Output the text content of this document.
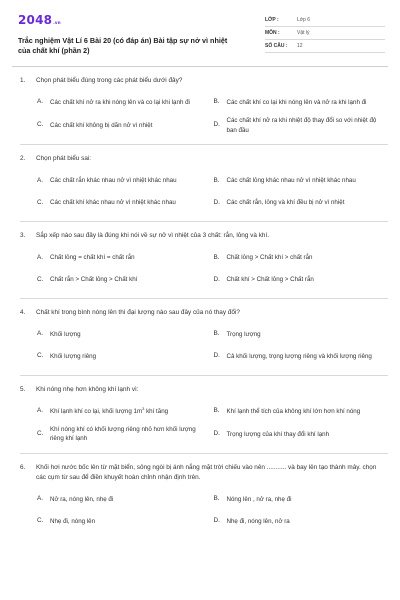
2048 .vn
Trắc nghiệm Vật Lí 6 Bài 20 (có đáp án) Bài tập sự nở vì nhiệt của chất khí (phần 2)
LỚP :	Lớp 6
MÔN :	Vật lý
SỐ CÂU :	12
1.	Chọn phát biểu đúng trong các phát biểu dưới đây?
A.	Các chất khí nở ra khi nóng lên và co lại khi lạnh đi	B.	Các chất khí co lại khi nóng lên và nở ra khi lạnh đi
C.	Các chất khí không bị dãn nở vì nhiệt	D.
Các chất khí nở ra khi nhiệt độ thay đổi so với nhiệt độ ban đầu
2.	Chọn phát biểu sai:
A.	Các chất rắn khác nhau nở vì nhiệt khác nhau	B.	Các chất lỏng khác nhau nở vì nhiệt khác nhau
C.	Các chất khí khác nhau nở vì nhiệt khác nhau	D.	Các chất rắn, lỏng và khí đều bị nở vì nhiệt
3.	Sắp xếp nào sau đây là đúng khi nói về sự nở vì nhiệt của 3 chất: rắn, lỏng và khí.
A.	Chất lỏng = chất khí = chất rắn	B.	Chất lỏng > Chất khí > chất rắn
C.	Chất rắn > Chất lỏng > Chất khí	D.	Chất khí > Chất lỏng > Chất rắn
4.	Chất khí trong bình nóng lên thì đại lượng nào sau đây của nó thay đổi?
A.	Khối lượng	B.	Trọng lượng
C.	Khối lượng riêng	D.	Cả khối lượng, trọng lượng riêng và khối lượng riêng
5.	Khi nóng nhẹ hơn không khí lạnh vì:
A.	Khí lạnh khí co lại, khối lượng $1m^3$ khí tăng	B.	Khí lạnh thể tích của không khí lớn hơn khí nóng
C.
Khí nóng khí có khối lượng riêng nhỏ hơn khối lượng riêng khí lạnh
D.	Trọng lượng của khí thay đổi khí lạnh
6.	Khối hơi nước bốc lên từ mặt biển, sông ngòi bị ánh nắng mặt trời chiếu vào nên ........... và bay lên tạo thành mây. chọn các cụm từ sau để điền khuyết hoàn chỉnh nhận định trên.
A.	Nở ra, nóng lên, nhẹ đi	B.	Nóng lên , nở ra, nhẹ đi
C.	Nhẹ đi, nóng lên	D.	Nhẹ đi, nóng lên, nở ra
